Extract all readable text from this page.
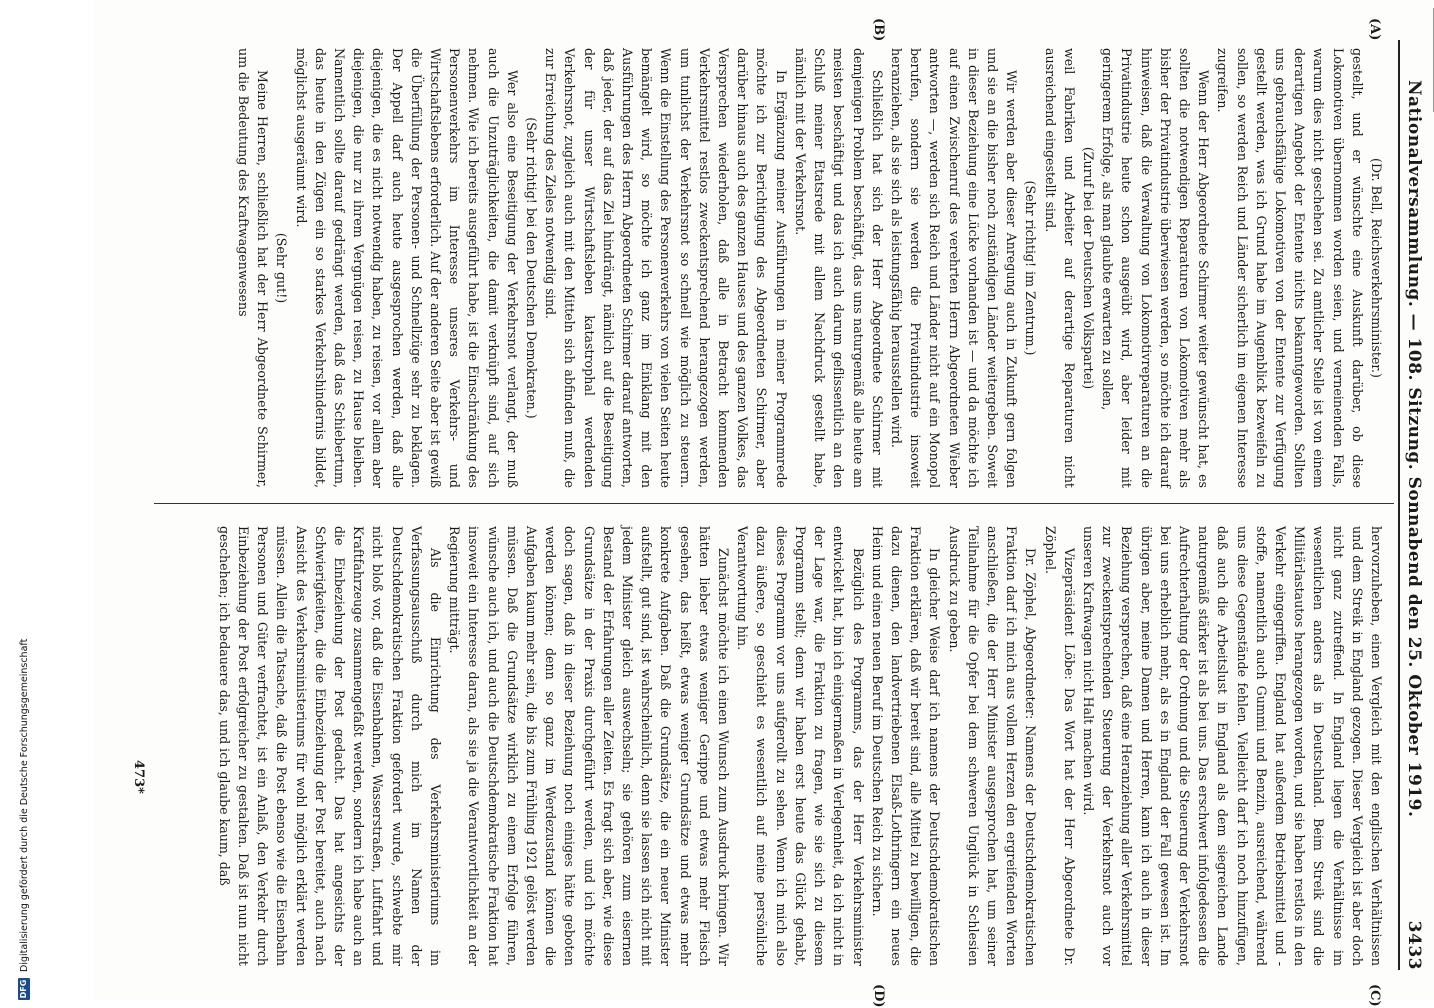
Nationalversammlung. — 108. Sitzung. Sonnabend den 25. Oktober 1919.
3433
(A)
(B)
(C)
(D)

(Dr. Bell, Reichsverkehrsminister.)

gestellt, und er wünschte eine Auskunft darüber, ob diese Lokomotiven übernommen worden seien, und verneinenden Falls, warum dies nicht geschehen sei. Zu amtlicher Stelle ist von einem derartigen Angebot der Entente nichts bekanntgeworden. Sollten uns gebrauchsfähige Lokomotiven von der Entente zur Verfügung gestellt werden, was ich Grund habe im Augenblick bezweifeln zu sollen, so werden Reich und Länder sicherlich im eigenen Interesse zugreifen.

Wenn der Herr Abgeordnete Schirmer weiter gewünscht hat, es sollten die notwendigen Reparaturen von Lokomotiven mehr als bisher der Privatindustrie überwiesen werden, so möchte ich darauf hinweisen, daß die Verwaltung von Lokomotivreparaturen an die Privatindustrie heute schon ausgeübt wird, aber leider mit geringerem Erfolge, als man glaubte erwarten zu sollen,

(Zuruf bei der Deutschen Volkspartei)

weil Fabriken und Arbeiter auf derartige Reparaturen nicht ausreichend eingestellt sind.

(Sehr richtig! im Zentrum.)

Wir werden aber dieser Anregung auch in Zukunft gern folgen und sie an die bisher noch zuständigen Länder weitergeben. Soweit in dieser Beziehung eine Lücke vorhanden ist — und da möchte ich auf einen Zwischenruf des verehrten Herrn Abgeordneten Wieber antworten —, werden sich Reich und Länder nicht auf ein Monopol berufen, sondern sie werden die Privatindustrie insoweit heranziehen, als sie sich als leistungsfähig herausstellen wird.

Schließlich hat sich der Herr Abgeordnete Schirmer mit demjenigen Problem beschäftigt, das uns naturgemäß alle heute am meisten beschäftigt und das ich auch darum geflissentlich an den Schluß meiner Etatsrede mit allem Nachdruck gestellt habe, nämlich mit der Verkehrsnot.

In Ergänzung meiner Ausführungen in meiner Programmrede möchte ich zur Berichtigung des Abgeordneten Schirmer, aber darüber hinaus auch des ganzen Hauses und des ganzen Volkes, das Versprechen wiederholen, daß alle in Betracht kommenden Verkehrsmittel restlos zweckentsprechend herangezogen werden, um tunlichst der Verkehrsnot so schnell wie möglich zu steuern. Wenn die Einstellung des Personenverkehrs von vielen Seiten heute bemängelt wird, so möchte ich ganz im Einklang mit den Ausführungen des Herrn Abgeordneten Schirmer darauf antworten, daß jeder, der auf das Ziel hindrängt, nämlich auf die Beseitigung der für unser Wirtschaftsleben katastrophal werdenden Verkehrsnot, zugleich auch mit den Mitteln sich abfinden muß, die zur Erreichung des Zieles notwendig sind.

(Sehr richtig! bei den Deutschen Demokraten.)

Wer also eine Beseitigung der Verkehrsnot verlangt, der muß auch die Unzuträglichkeiten, die damit verknüpft sind, auf sich nehmen. Wie ich bereits ausgeführt habe, ist die Einschränkung des Personenverkehrs im Interesse unseres Verkehrs- und Wirtschaftslebens erforderlich. Auf der anderen Seite aber ist gewiß die Überfüllung der Personen- und Schnellzüge sehr zu beklagen. Der Appell darf auch heute ausgesprochen werden, daß alle diejenigen, die es nicht notwendig haben, zu reisen, vor allem aber diejenigen, die nur zu ihrem Vergnügen reisen, zu Hause bleiben. Namentlich sollte darauf gedrängt werden, daß das Schiebertum, das heute in den Zügen ein so starkes Verkehrshindernis bildet, möglichst ausgeräumt wird.

(Sehr gut!)

Meine Herren, schließlich hat der Herr Abgeordnete Schirmer, um die Bedeutung des Kraftwagenwesens

hervorzuheben, einen Vergleich mit den englischen Verhältnissen und dem Streik in England gezogen. Dieser Vergleich ist aber doch nicht ganz zutreffend. In England liegen die Verhältnisse im wesentlichen anders als in Deutschland. Beim Streik sind die Militärlastautos herangezogen worden, und sie haben restlos in den Verkehr eingegriffen. England hat außerdem Betriebsmittel und -stoffe, namentlich auch Gummi und Benzin, ausreichend, während uns diese Gegenstände fehlen. Vielleicht darf ich noch hinzufügen, daß auch die Arbeitslust in England als dem siegreichen Lande naturgemäß stärker ist als bei uns. Das erschwert infolgedessen die Aufrechterhaltung der Ordnung und die Steuerung der Verkehrsnot bei uns erheblich mehr, als es in England der Fall gewesen ist. Im übrigen aber, meine Damen und Herren, kann ich auch in dieser Beziehung versprechen, daß eine Heranziehung aller Verkehrsmittel zur zweckentsprechenden Steuerung der Verkehrsnot auch vor unseren Kraftwagen nicht Halt machen wird.

Vizepräsident Löbe: Das Wort hat der Herr Abgeordnete Dr. Zöphel.

Dr. Zöphel, Abgeordneter: Namens der Deutschdemokratischen Fraktion darf ich mich aus vollem Herzen den ergreifenden Worten anschließen, die der Herr Minister ausgesprochen hat, um seiner Teilnahme für die Opfer bei dem schweren Unglück in Schlesien Ausdruck zu geben.

In gleicher Weise darf ich namens der Deutschdemokratischen Fraktion erklären, daß wir bereit sind, alle Mittel zu bewilligen, die dazu dienen, den landvertriebenen Elsaß-Lothringern ein neues Heim und einen neuen Beruf im Deutschen Reich zu sichern.

Bezüglich des Programms, das der Herr Verkehrsminister entwickelt hat, bin ich einigermaßen in Verlegenheit, da ich nicht in der Lage war, die Fraktion zu fragen, wie sie sich zu diesem Programm stellt; denn wir haben erst heute das Glück gehabt, dieses Programm vor uns aufgerollt zu sehen. Wenn ich mich also dazu äußere, so geschieht es wesentlich auf meine persönliche Verantwortung hin.

Zunächst möchte ich einen Wunsch zum Ausdruck bringen. Wir hätten lieber etwas weniger Gerippe und etwas mehr Fleisch gesehen, das heißt, etwas weniger Grundsätze und etwas mehr konkrete Aufgaben. Daß die Grundsätze, die ein neuer Minister aufstellt, gut sind, ist wahrscheinlich, denn sie lassen sich nicht mit jedem Minister gleich auswechseln; sie gehören zum eisernen Bestand der Erfahrungen aller Zeiten. Es fragt sich aber, wie diese Grundsätze in der Praxis durchgeführt werden, und ich möchte doch sagen, daß in dieser Beziehung noch einiges hätte geboten werden können; denn so ganz im Werdezustand können die Aufgaben kaum mehr sein, die bis zum Frühling 1921 gelöst werden müssen. Daß die Grundsätze wirklich zu einem Erfolge führen, wünsche auch ich, und auch die Deutschdemokratische Fraktion hat insoweit ein Interesse daran, als sie ja die Verantwortlichkeit an der Regierung mitträgt.

Als die Einrichtung des Verkehrsministeriums im Verfassungsausschuß durch mich im Namen der Deutschdemokratischen Fraktion gefordert wurde, schwebte mir nicht bloß vor, daß die Eisenbahnen, Wasserstraßen, Luftfahrt und Kraftfahrzeuge zusammengefaßt werden, sondern ich habe auch an die Einbeziehung der Post gedacht. Das hat angesichts der Schwierigkeiten, die die Einbeziehung der Post bereitet, auch nach Ansicht des Verkehrsministeriums für wohl möglich erklärt werden müssen. Allein die Tatsache, daß die Post ebenso wie die Eisenbahn Personen und Güter verfrachtet, ist ein Anlaß, den Verkehr durch Einbeziehung der Post erfolgreicher zu gestalten. Daß ist nun nicht geschehen; ich bedauere das, und ich glaube kaum, daß

473*
DFG
Digitalisierung gefördert durch die Deutsche Forschungsgemeinschaft
